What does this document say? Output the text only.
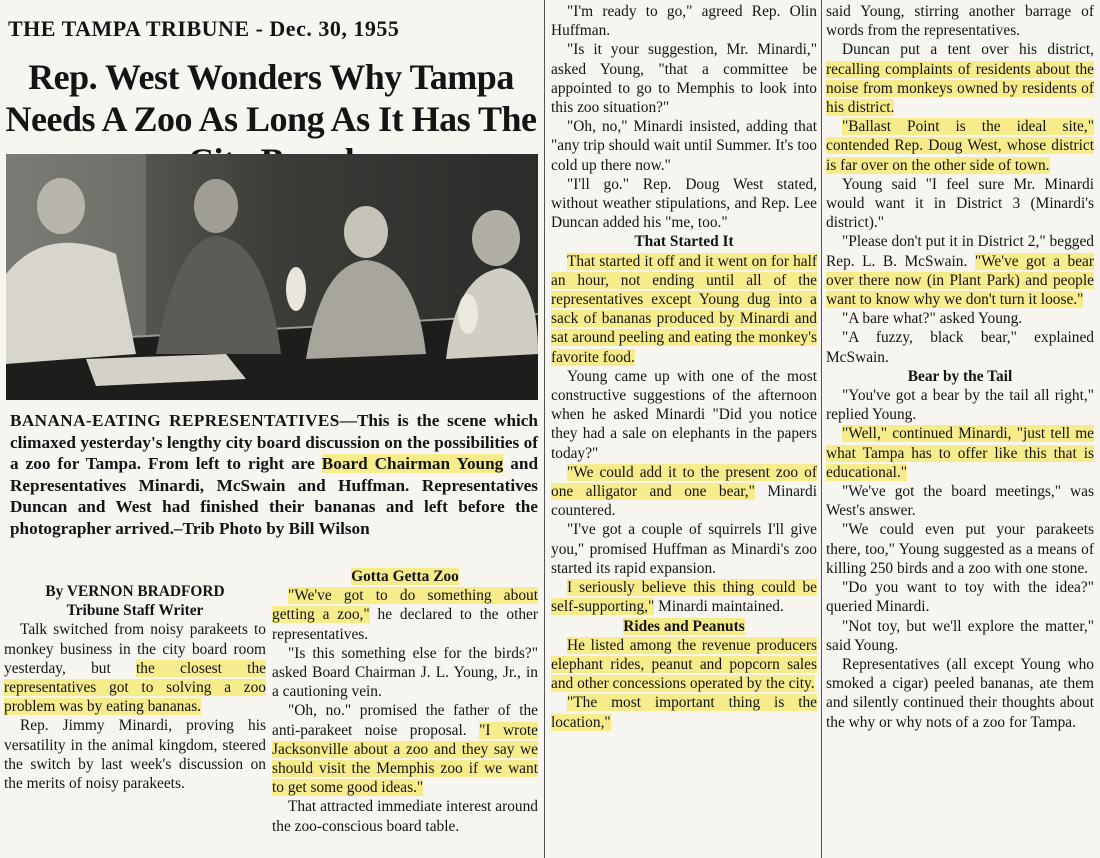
THE TAMPA TRIBUNE - Dec. 30, 1955
Rep. West Wonders Why Tampa Needs A Zoo As Long As It Has The
BANANA-EATING REPRESENTATIVES—This is the scene which climaxed yesterday's lengthy city board discussion on the possibilities of a zoo for Tampa. From left to right are Board Chairman Young and Representatives Minardi, McSwain and Huffman. Representatives Duncan and West had finished their bananas and left before the photographer arrived.–Trib Photo by Bill Wilson

By VERNON BRADFORD

Tribune Staff Writer

Talk switched from noisy parakeets to monkey business in the city board room yesterday, but the closest the representatives got to solving a zoo problem was by eating bananas.

Rep. Jimmy Minardi, proving his versatility in the animal kingdom, steered the switch by last week's discussion on the merits of noisy parakeets.

Gotta Getta Zoo

"We've got to do something about getting a zoo," he declared to the other representatives.

"Is this something else for the birds?" asked Board Chairman J. L. Young, Jr., in a cautioning vein.

"Oh, no." promised the father of the anti-parakeet noise proposal. "I wrote Jacksonville about a zoo and they say we should visit the Memphis zoo if we want to get some good ideas."

That attracted immediate interest around the zoo-conscious board table.

"I'm ready to go," agreed Rep. Olin Huffman.

"Is it your suggestion, Mr. Minardi," asked Young, "that a committee be appointed to go to Memphis to look into this zoo situation?"

"Oh, no," Minardi insisted, adding that "any trip should wait until Summer. It's too cold up there now."

"I'll go." Rep. Doug West stated, without weather stipulations, and Rep. Lee Duncan added his "me, too."

That Started It

That started it off and it went on for half an hour, not ending until all of the representatives except Young dug into a sack of bananas produced by Minardi and sat around peeling and eating the monkey's favorite food.

Young came up with one of the most constructive suggestions of the afternoon when he asked Minardi "Did you notice they had a sale on elephants in the papers today?"

"We could add it to the present zoo of one alligator and one bear," Minardi countered.

"I've got a couple of squirrels I'll give you," promised Huffman as Minardi's zoo started its rapid expansion.

I seriously believe this thing could be self-supporting," Minardi maintained.

Rides and Peanuts

He listed among the revenue producers elephant rides, peanut and popcorn sales and other concessions operated by the city.

"The most important thing is the location,"

said Young, stirring another barrage of words from the representatives.

Duncan put a tent over his district, recalling complaints of residents about the noise from monkeys owned by residents of his district.

"Ballast Point is the ideal site," contended Rep. Doug West, whose district is far over on the other side of town.

Young said "I feel sure Mr. Minardi would want it in District 3 (Minardi's district)."

"Please don't put it in District 2," begged Rep. L. B. McSwain. "We've got a bear over there now (in Plant Park) and people want to know why we don't turn it loose."

"A bare what?" asked Young.

"A fuzzy, black bear," explained McSwain.

Bear by the Tail

"You've got a bear by the tail all right," replied Young.

"Well," continued Minardi, "just tell me what Tampa has to offer like this that is educational."

"We've got the board meetings," was West's answer.

"We could even put your parakeets there, too," Young suggested as a means of killing 250 birds and a zoo with one stone.

"Do you want to toy with the idea?" queried Minardi.

"Not toy, but we'll explore the matter," said Young.

Representatives (all except Young who smoked a cigar) peeled bananas, ate them and silently continued their thoughts about the why or why nots of a zoo for Tampa.
